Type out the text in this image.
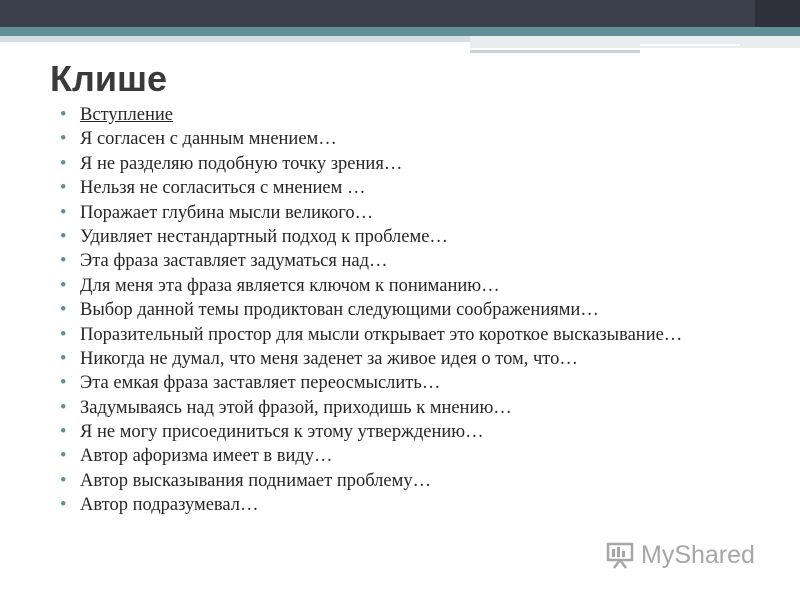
Клише
• Вступление
• Я согласен с данным мнением…
• Я не разделяю подобную точку зрения…
• Нельзя не согласиться с мнением …
• Поражает глубина мысли великого…
• Удивляет нестандартный подход к проблеме…
• Эта фраза заставляет задуматься над…
• Для меня эта фраза является ключом к пониманию…
• Выбор данной темы продиктован следующими соображениями…
• Поразительный простор для мысли открывает это короткое высказывание…
• Никогда не думал, что меня заденет за живое идея о том, что…
• Эта емкая фраза заставляет переосмыслить…
• Задумываясь над этой фразой, приходишь к мнению…
• Я не могу присоединиться к этому утверждению…
• Автор афоризма имеет в виду…
• Автор высказывания поднимает проблему…
• Автор подразумевал…
MyShared
